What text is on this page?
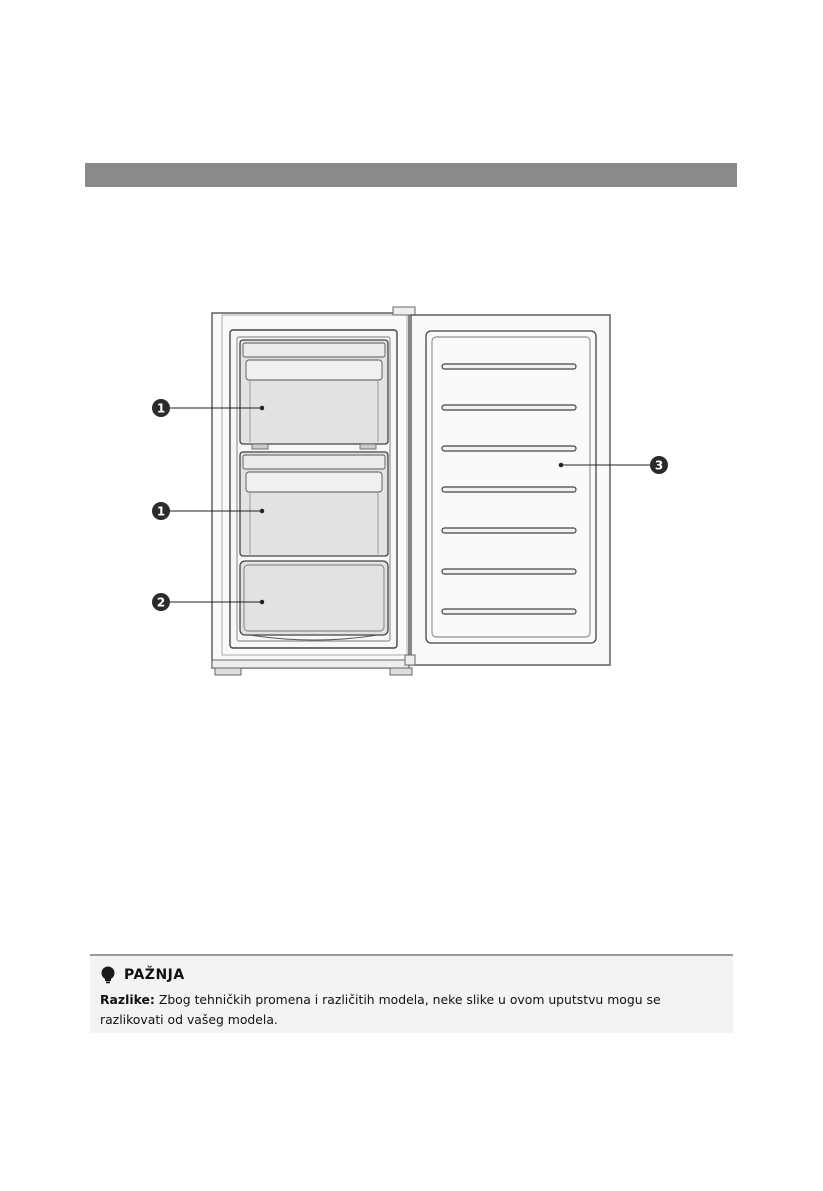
1
1
2
3
PAŽNJA
Razlike: Zbog tehničkih promena i različitih modela, neke slike u ovom uputstvu mogu se razlikovati od vašeg modela.
